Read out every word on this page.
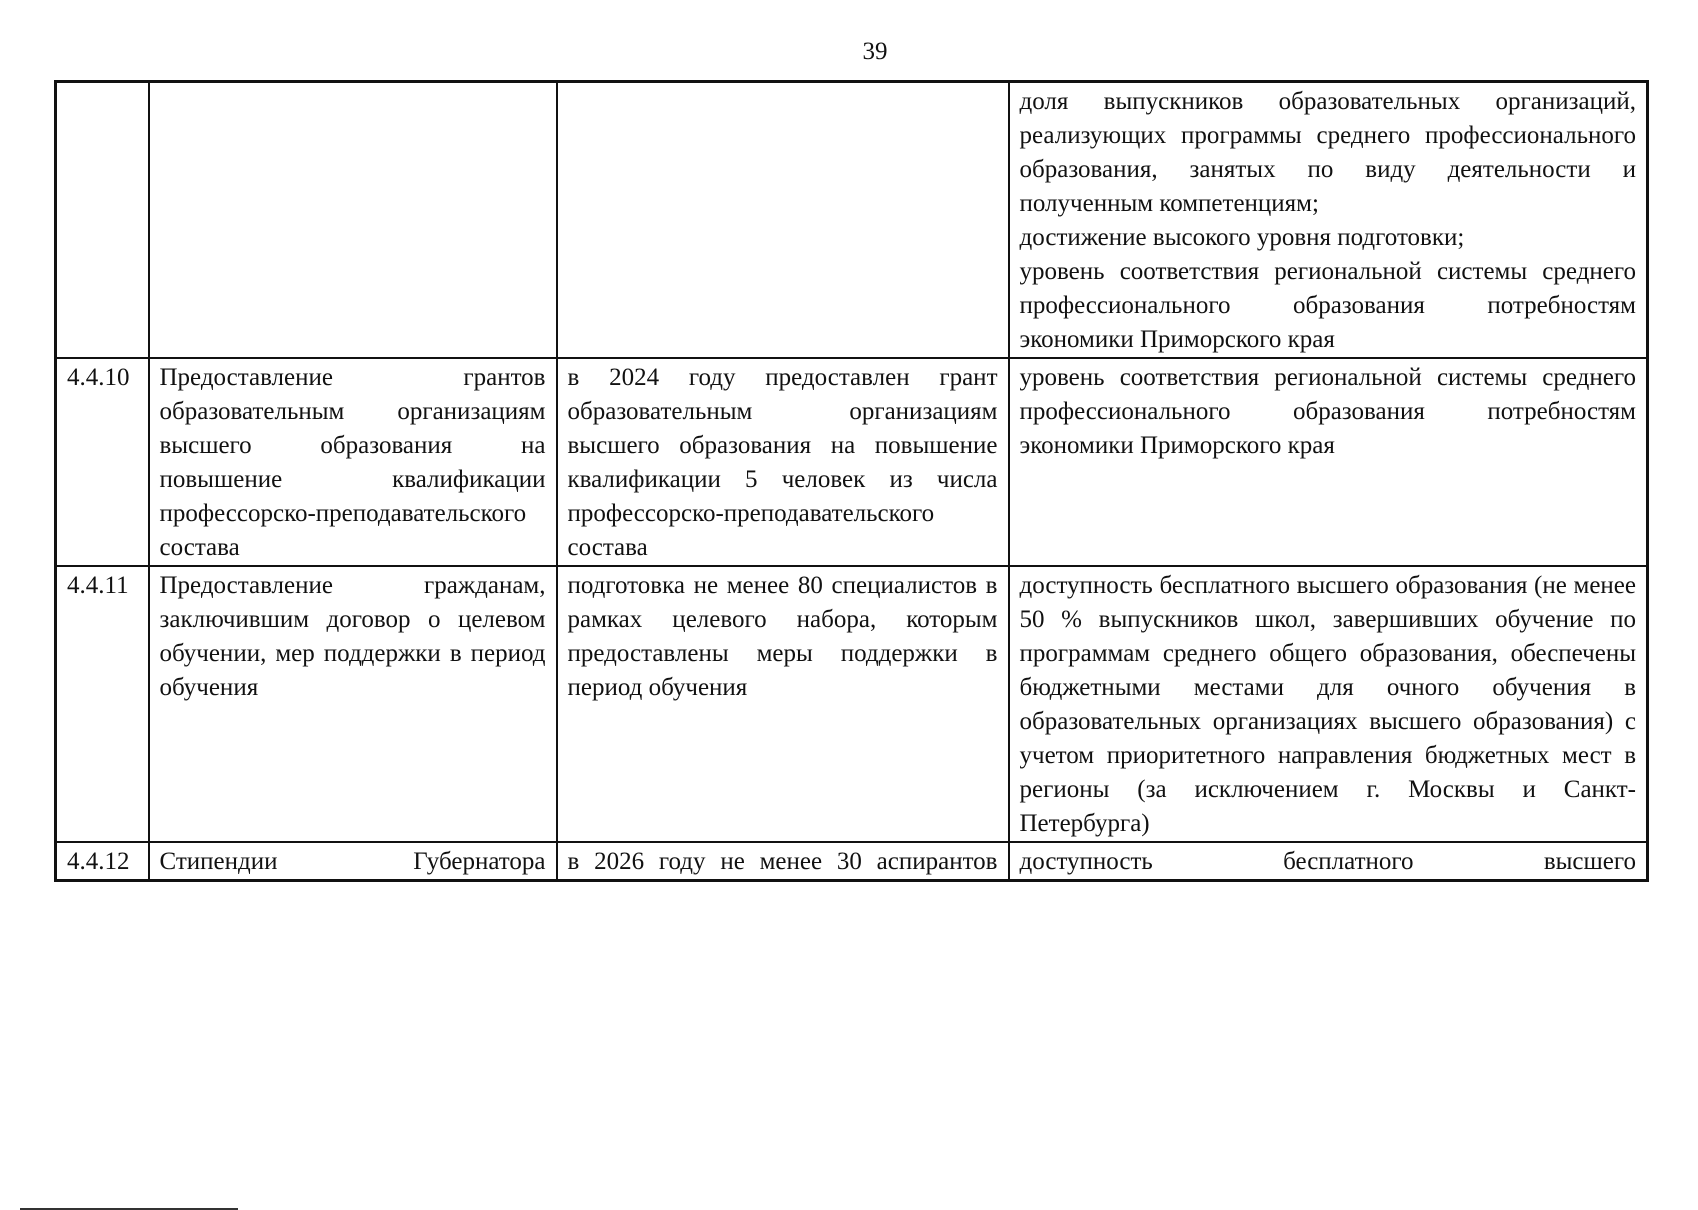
39

			доля выпускников образовательных организаций, реализующих программы среднего профессионального образования, занятых по виду деятельности и полученным компетенциям;
достижение высокого уровня подготовки;
уровень соответствия региональной системы среднего профессионального образования потребностям экономики Приморского края

4.4.10	Предоставление грантов образовательным организациям высшего образования на повышение квалификации профессорско-преподавательского состава	в 2024 году предоставлен грант образовательным организациям высшего образования на повышение квалификации 5 человек из числа профессорско-преподавательского состава	уровень соответствия региональной системы среднего профессионального образования потребностям экономики Приморского края

4.4.11	Предоставление гражданам, заключившим договор о целевом обучении, мер поддержки в период обучения	подготовка не менее 80 специалистов в рамках целевого набора, которым предоставлены меры поддержки в период обучения	доступность бесплатного высшего образования (не менее 50 % выпускников школ, завершивших обучение по программам среднего общего образования, обеспечены бюджетными местами для очного обучения в образовательных организациях высшего образования) с учетом приоритетного направления бюджетных мест в регионы (за исключением г. Москвы и Санкт-Петербурга)

4.4.12	Стипендии Губернатора	в 2026 году не менее 30 аспирантов	доступность бесплатного высшего
